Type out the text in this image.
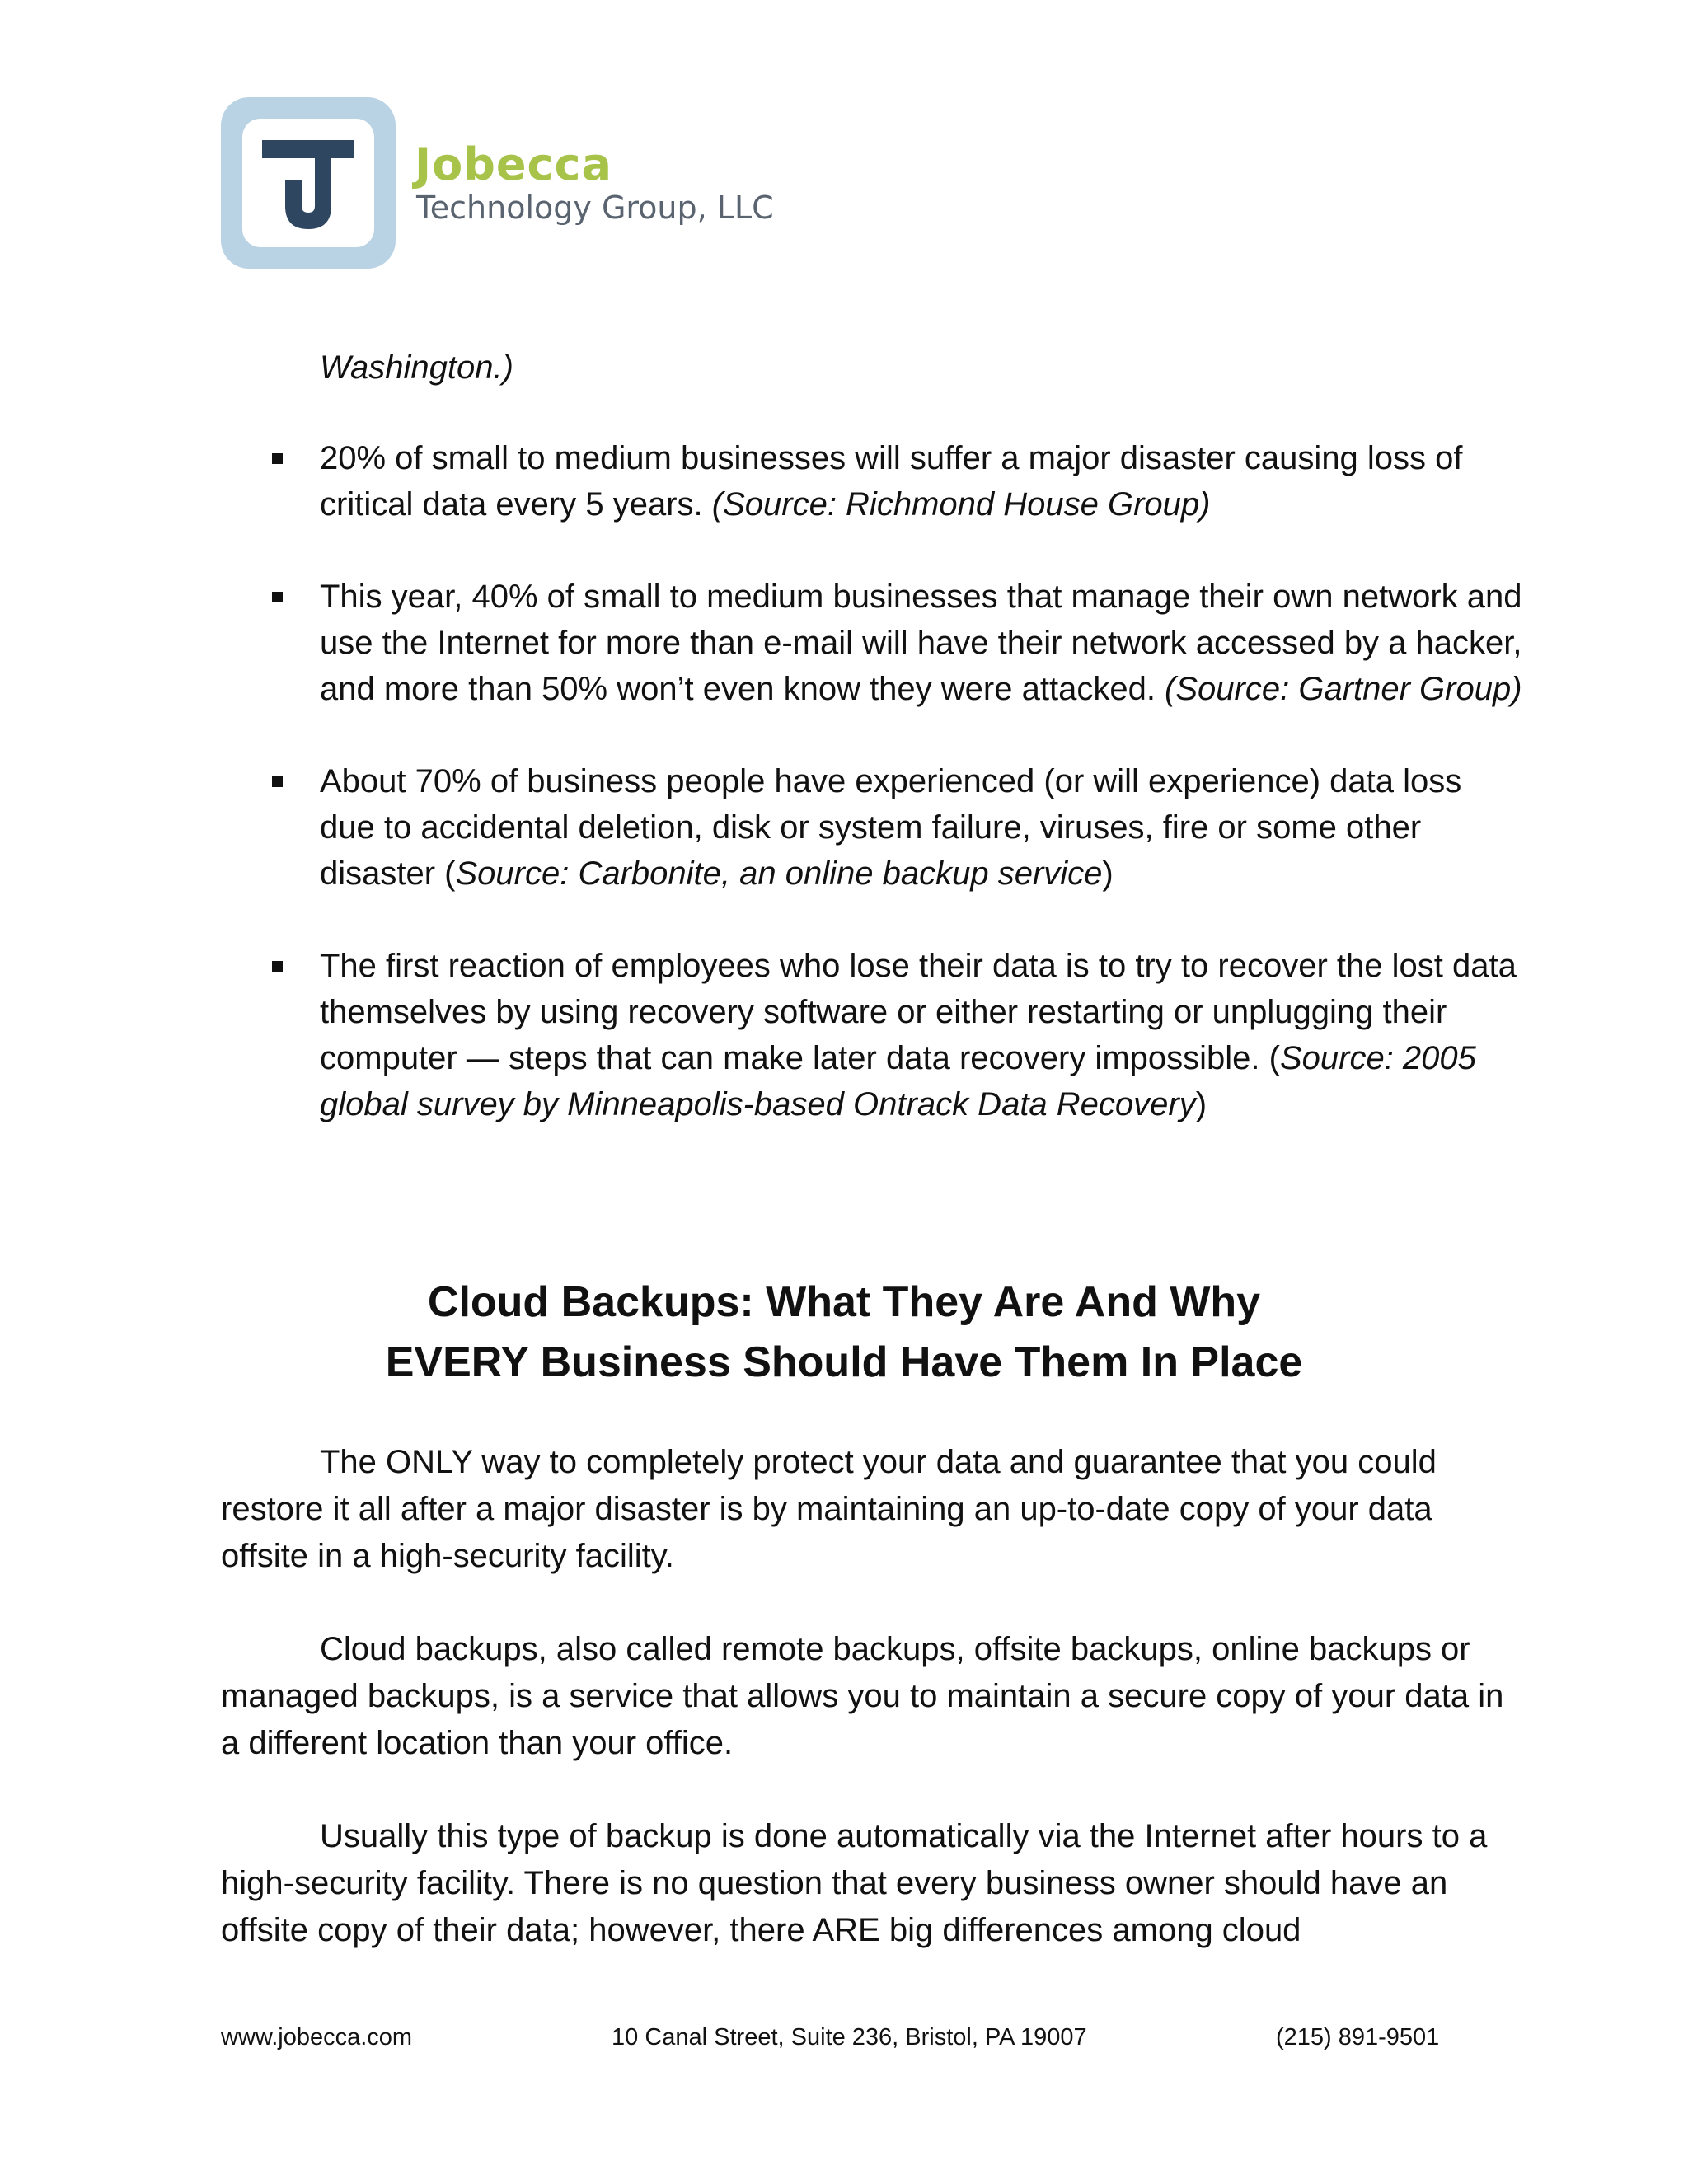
Jobecca
Technology Group, LLC
Washington.)
20% of small to medium businesses will suffer a major disaster causing loss of critical data every 5 years. (Source: Richmond House Group)
This year, 40% of small to medium businesses that manage their own network and use the Internet for more than e-mail will have their network accessed by a hacker, and more than 50% won’t even know they were attacked. (Source: Gartner Group)
About 70% of business people have experienced (or will experience) data loss due to accidental deletion, disk or system failure, viruses, fire or some other disaster (Source: Carbonite, an online backup service)
The first reaction of employees who lose their data is to try to recover the lost data themselves by using recovery software or either restarting or unplugging their computer — steps that can make later data recovery impossible. (Source: 2005 global survey by Minneapolis-based Ontrack Data Recovery)
Cloud Backups: What They Are And Why
EVERY Business Should Have Them In Place

The ONLY way to completely protect your data and guarantee that you could restore it all after a major disaster is by maintaining an up-to-date copy of your data offsite in a high-security facility.

Cloud backups, also called remote backups, offsite backups, online backups or managed backups, is a service that allows you to maintain a secure copy of your data in a different location than your office.

Usually this type of backup is done automatically via the Internet after hours to a high-security facility. There is no question that every business owner should have an offsite copy of their data; however, there ARE big differences among cloud

www.jobecca.com	10 Canal Street, Suite 236, Bristol, PA 19007	(215) 891-9501
